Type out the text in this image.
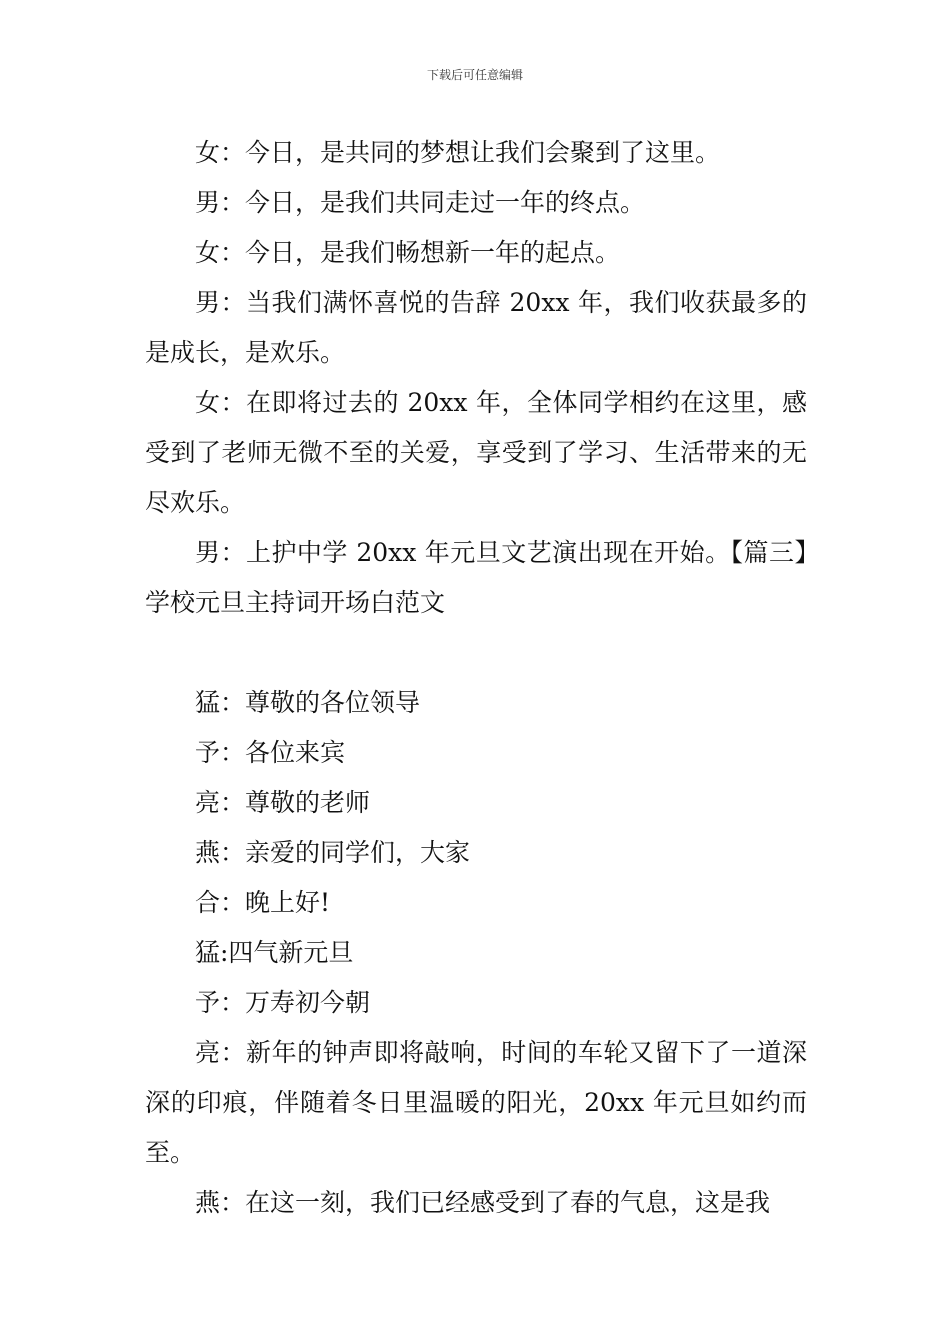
下载后可任意编辑

女：今日，是共同的梦想让我们会聚到了这里。

男：今日，是我们共同走过一年的终点。

女：今日，是我们畅想新一年的起点。

男：当我们满怀喜悦的告辞 20xx 年，我们收获最多的是成长，是欢乐。

女：在即将过去的 20xx 年，全体同学相约在这里，感受到了老师无微不至的关爱，享受到了学习、生活带来的无尽欢乐。

男：上护中学 20xx 年元旦文艺演出现在开始。【篇三】学校元旦主持词开场白范文

猛：尊敬的各位领导

予：各位来宾

亮：尊敬的老师

燕：亲爱的同学们，大家

合：晚上好!

猛:四气新元旦

予：万寿初今朝

亮：新年的钟声即将敲响，时间的车轮又留下了一道深深的印痕，伴随着冬日里温暖的阳光，20xx 年元旦如约而至。

燕：在这一刻，我们已经感受到了春的气息，这是我
